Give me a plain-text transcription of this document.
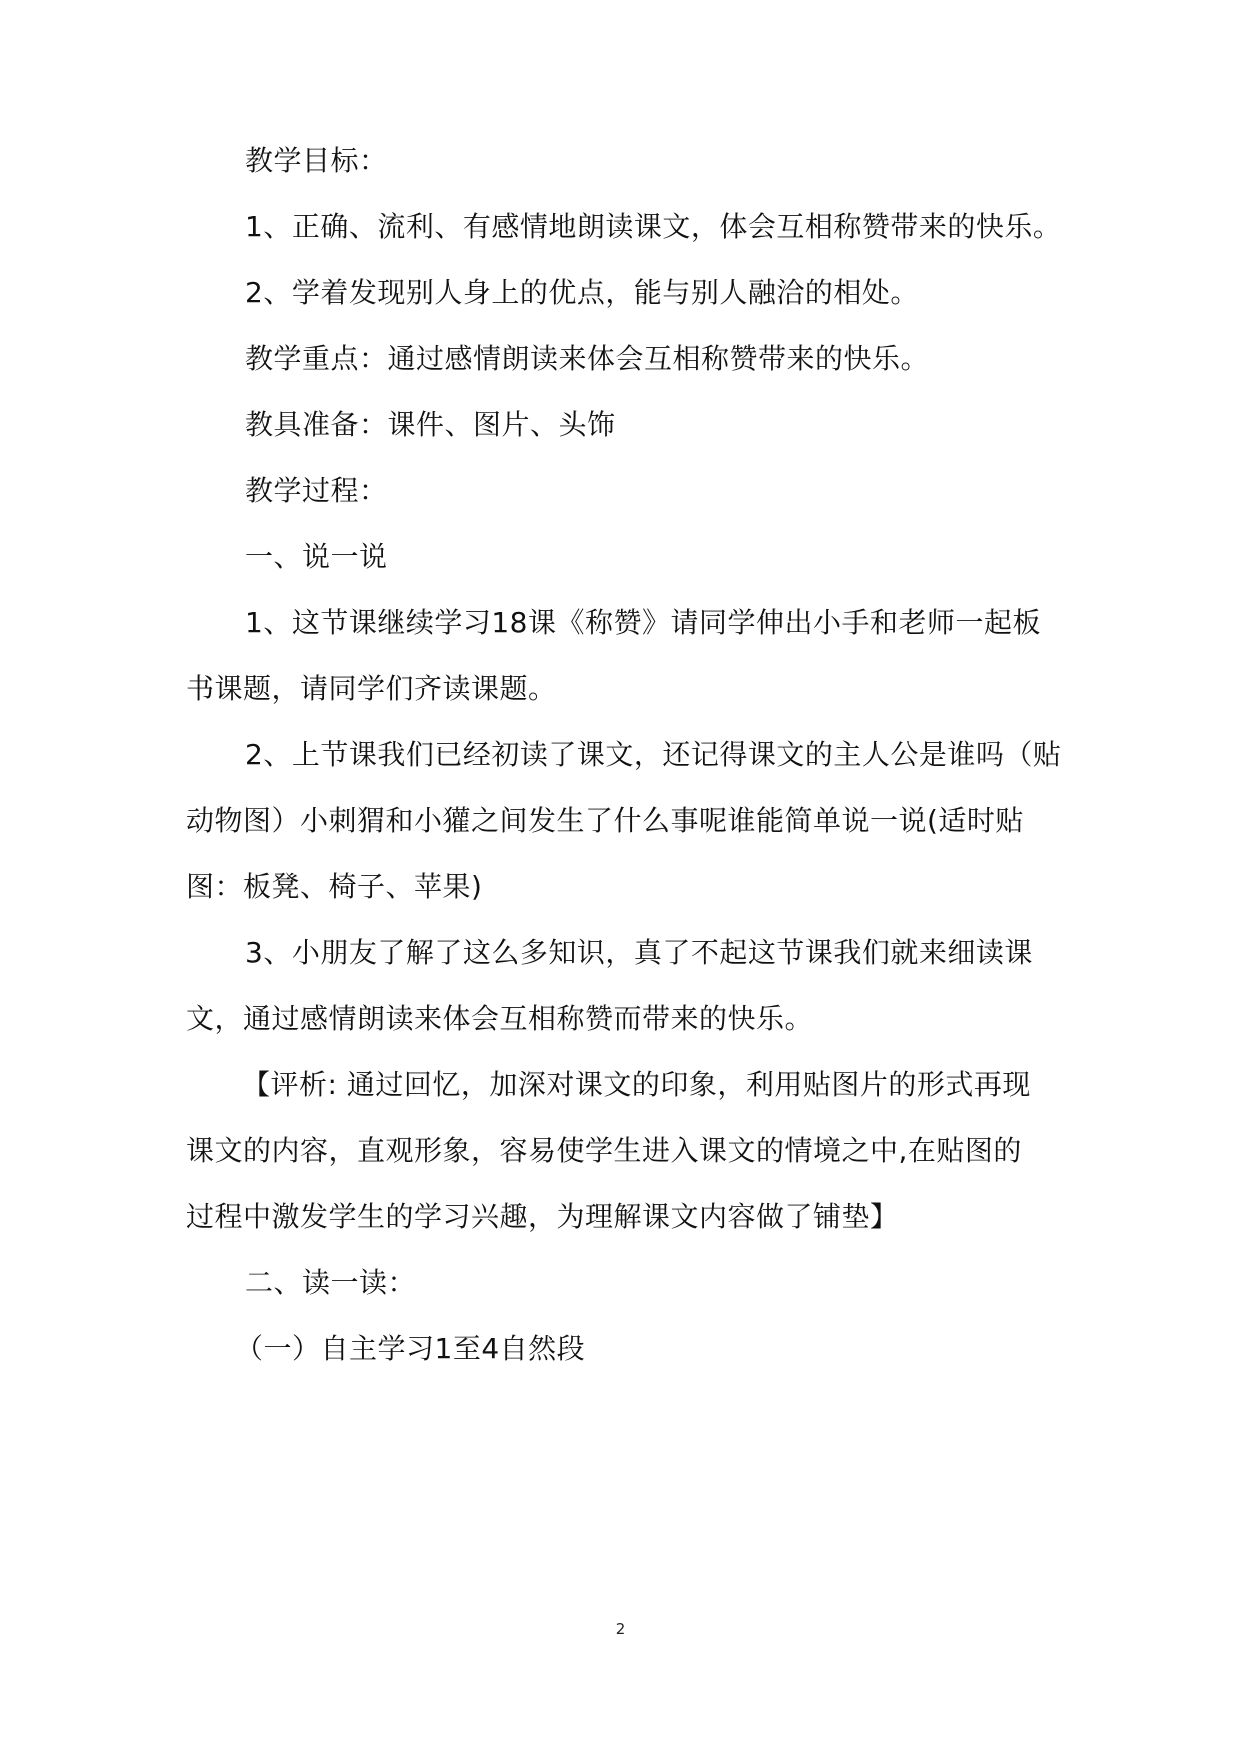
教学目标：
1、正确、流利、有感情地朗读课文，体会互相称赞带来的快乐。
2、学着发现别人身上的优点，能与别人融洽的相处。
教学重点：通过感情朗读来体会互相称赞带来的快乐。
教具准备：课件、图片、头饰
教学过程：
一、说一说
1、这节课继续学习18课《称赞》请同学伸出小手和老师一起板
书课题，请同学们齐读课题。
2、上节课我们已经初读了课文，还记得课文的主人公是谁吗（贴
动物图）小刺猬和小獾之间发生了什么事呢谁能简单说一说(适时贴
图：板凳、椅子、苹果)
3、小朋友了解了这么多知识，真了不起这节课我们就来细读课
文，通过感情朗读来体会互相称赞而带来的快乐。
【评析: 通过回忆，加深对课文的印象，利用贴图片的形式再现
课文的内容，直观形象，容易使学生进入课文的情境之中,在贴图的
过程中激发学生的学习兴趣，为理解课文内容做了铺垫】
二、读一读：
（一）自主学习1至4自然段
2
